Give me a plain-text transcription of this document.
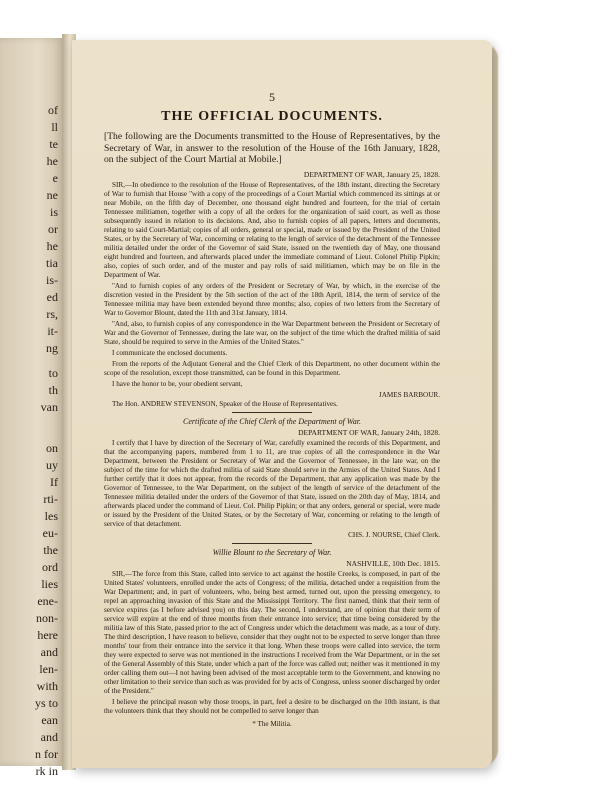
of
ll
te
he
e
ne
is
or
he
tia
is-
ed
rs,
it-
ng
to
th
van
on
uy
If
rti-
les
eu-
the
ord
lies
ene-
non-
here
and
len-
with
ys to
ean
and
n for
rk in
5
THE OFFICIAL DOCUMENTS.
[The following are the Documents transmitted to the House of Representatives, by the Secretary of War, in answer to the resolution of the House of the 16th January, 1828, on the subject of the Court Martial at Mobile.]
DEPARTMENT OF WAR, January 25, 1828.

SIR,—In obedience to the resolution of the House of Representatives, of the 18th instant, directing the Secretary of War to furnish that House "with a copy of the proceedings of a Court Martial which commenced its sittings at or near Mobile, on the fifth day of December, one thousand eight hundred and fourteen, for the trial of certain Tennessee militiamen, together with a copy of all the orders for the organization of said court, as well as those subsequently issued in relation to its decisions. And, also to furnish copies of all papers, letters and documents, relating to said Court-Martial; copies of all orders, general or special, made or issued by the President of the United States, or by the Secretary of War, concerning or relating to the length of service of the detachment of the Tennessee militia detailed under the order of the Governor of said State, issued on the twentieth day of May, one thousand eight hundred and fourteen, and afterwards placed under the immediate command of Lieut. Colonel Philip Pipkin; also, copies of such order, and of the muster and pay rolls of said militiamen, which may be on file in the Department of War.

"And to furnish copies of any orders of the President or Secretary of War, by which, in the exercise of the discretion vested in the President by the 5th section of the act of the 18th April, 1814, the term of service of the Tennessee militia may have been extended beyond three months; also, copies of two letters from the Secretary of War to Governor Blount, dated the 11th and 31st January, 1814.

"And, also, to furnish copies of any correspondence in the War Department between the President or Secretary of War and the Governor of Tennessee, during the late war, on the subject of the time which the drafted militia of said State, should be required to serve in the Armies of the United States."

I communicate the enclosed documents.

From the reports of the Adjutant General and the Chief Clerk of this Department, no other document within the scope of the resolution, except those transmitted, can be found in this Department.

I have the honor to be, your obedient servant,

JAMES BARBOUR.
The Hon. ANDREW STEVENSON, Speaker of the House of Representatives.
Certificate of the Chief Clerk of the Department of War.
DEPARTMENT OF WAR, January 24th, 1828.

I certify that I have by direction of the Secretary of War, carefully examined the records of this Department, and that the accompanying papers, numbered from 1 to 11, are true copies of all the correspondence in the War Department, between the President or Secretary of War and the Governor of Tennessee, in the late war, on the subject of the time for which the drafted militia of said State should serve in the Armies of the United States. And I further certify that it does not appear, from the records of the Department, that any application was made by the Governor of Tennessee, to the War Department, on the subject of the length of service of the detachment of the Tennessee militia detailed under the orders of the Governor of that State, issued on the 20th day of May, 1814, and afterwards placed under the command of Lieut. Col. Philip Pipkin; or that any orders, general or special, were made or issued by the President of the United States, or by the Secretary of War, concerning or relating to the length of service of that detachment.

CHS. J. NOURSE, Chief Clerk.
Willie Blount to the Secretary of War.
NASHVILLE, 10th Dec. 1815.

SIR,—The force from this State, called into service to act against the hostile Creeks, is composed, in part of the United States' volunteers, enrolled under the acts of Congress; of the militia, detached under a requisition from the War Department; and, in part of volunteers, who, being best armed, turned out, upon the pressing emergency, to repel an approaching invasion of this State and the Mississippi Territory. The first named, think that their term of service expires (as I before advised you) on this day. The second, I understand, are of opinion that their term of service will expire at the end of three months from their entrance into service; that time being considered by the militia law of this State, passed prior to the act of Congress under which the detachment was made, as a tour of duty. The third description, I have reason to believe, consider that they ought not to be expected to serve longer than three months' tour from their entrance into the service it that long. When these troops were called into service, the term they were expected to serve was not mentioned in the instructions I received from the War Department, or in the set of the General Assembly of this State, under which a part of the force was called out; neither was it mentioned in my order calling them out—I not having been advised of the most acceptable term to the Government, and knowing no other limitation to their service than such as was provided for by acts of Congress, unless sooner discharged by order of the President."

I believe the principal reason why those troops, in part, feel a desire to be discharged on the 10th instant, is that the volunteers think that they should not be compelled to serve longer than

* The Militia.
